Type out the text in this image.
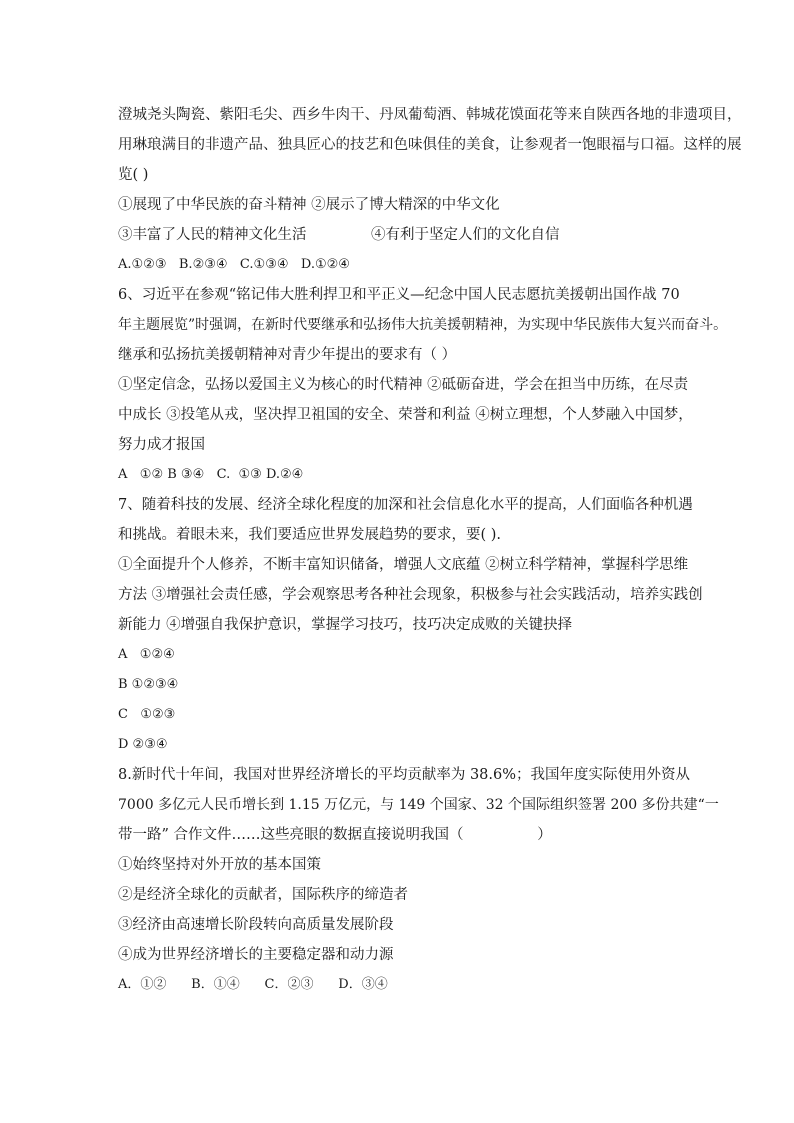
澄城尧头陶瓷、紫阳毛尖、西乡牛肉干、丹凤葡萄酒、韩城花馍面花等来自陕西各地的非遗项目，
用琳琅满目的非遗产品、独具匠心的技艺和色味俱佳的美食，让参观者一饱眼福与口福。这样的展
览( )
①展现了中华民族的奋斗精神 ②展示了博大精深的中华文化
③丰富了人民的精神文化生活              ④有利于坚定人们的文化自信
A.①②③   B.②③④   C.①③④   D.①②④
6、习近平在参观“铭记伟大胜利捍卫和平正义—纪念中国人民志愿抗美援朝出国作战 70
年主题展览”时强调，在新时代要继承和弘扬伟大抗美援朝精神，为实现中华民族伟大复兴而奋斗。
继承和弘扬抗美援朝精神对青少年提出的要求有（ ）
①坚定信念，弘扬以爱国主义为核心的时代精神 ②砥砺奋进，学会在担当中历练，在尽责
中成长 ③投笔从戎，坚决捍卫祖国的安全、荣誉和利益 ④树立理想，个人梦融入中国梦，
努力成才报国
A   ①② B ③④   C.  ①③ D.②④
7、随着科技的发展、经济全球化程度的加深和社会信息化水平的提高，人们面临各种机遇
和挑战。着眼未来，我们要适应世界发展趋势的要求，要( ).
①全面提升个人修养，不断丰富知识储备，增强人文底蕴 ②树立科学精神，掌握科学思维
方法 ③增强社会责任感，学会观察思考各种社会现象，积极参与社会实践活动，培养实践创
新能力 ④增强自我保护意识，掌握学习技巧，技巧决定成败的关键抉择
A   ①②④
B ①②③④
C   ①②③
D ②③④
8.新时代十年间，我国对世界经济增长的平均贡献率为 38.6%；我国年度实际使用外资从
7000 多亿元人民币增长到 1.15 万亿元，与 149 个国家、32 个国际组织签署 200 多份共建“一
带一路” 合作文件……这些亮眼的数据直接说明我国（                ）
①始终坚持对外开放的基本国策
②是经济全球化的贡献者，国际秩序的缔造者
③经济由高速增长阶段转向高质量发展阶段
④成为世界经济增长的主要稳定器和动力源
A．①②      B．①④      C．②③      D．③④
